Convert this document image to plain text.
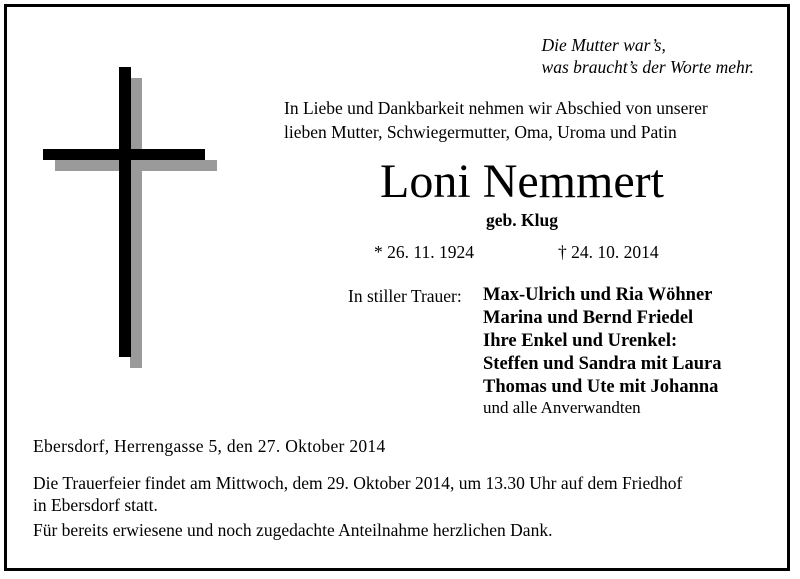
Die Mutter war’s,
was braucht’s der Worte mehr.
In Liebe und Dankbarkeit nehmen wir Abschied von unserer
lieben Mutter, Schwiegermutter, Oma, Uroma und Patin
Loni Nemmert
geb. Klug
* 26. 11. 1924	† 24. 10. 2014
In stiller Trauer: Max-Ulrich und Ria Wöhner
Marina und Bernd Friedel
Ihre Enkel und Urenkel:
Steffen und Sandra mit Laura
Thomas und Ute mit Johanna
und alle Anverwandten
Ebersdorf, Herrengasse 5, den 27. Oktober 2014
Die Trauerfeier findet am Mittwoch, dem 29. Oktober 2014, um 13.30 Uhr auf dem Friedhof
in Ebersdorf statt.
Für bereits erwiesene und noch zugedachte Anteilnahme herzlichen Dank.
